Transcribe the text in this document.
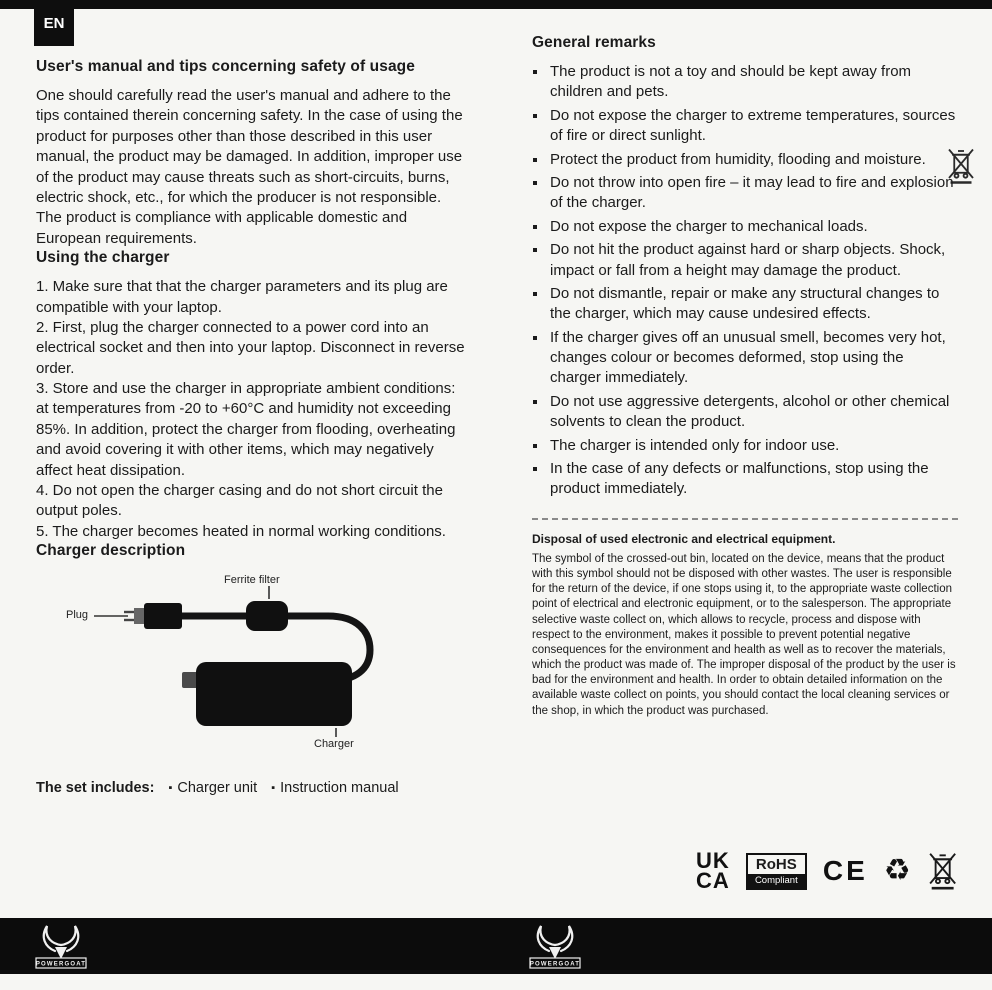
EN
User's manual and tips concerning safety of usage

One should carefully read the user's manual and adhere to the tips contained therein concerning safety. In the case of using the product for purposes other than those described in this user manual, the product may be damaged. In addition, improper use of the product may cause threats such as short-circuits, burns, electric shock, etc., for which the producer is not responsible. The product is compliance with applicable domestic and European requirements.

Using the charger
1. Make sure that that the charger parameters and its plug are compatible with your laptop.
2. First, plug the charger connected to a power cord into an electrical socket and then into your laptop. Disconnect in reverse order.
3. Store and use the charger in appropriate ambient conditions: at temperatures from -20 to +60°C and humidity not exceeding 85%. In addition, protect the charger from flooding, overheating and avoid covering it with other items, which may negatively affect heat dissipation.
4. Do not open the charger casing and do not short circuit the output poles.
5. The charger becomes heated in normal working conditions.
Charger description
Ferrite filter
Plug
Charger
The set includes: ▪ Charger unit ▪ Instruction manual
General remarks
▪ The product is not a toy and should be kept away from children and pets.
▪ Do not expose the charger to extreme temperatures, sources of fire or direct sunlight.
▪ Protect the product from humidity, flooding and moisture.
▪ Do not throw into open fire – it may lead to fire and explosion of the charger.
▪ Do not expose the charger to mechanical loads.
▪ Do not hit the product against hard or sharp objects. Shock, impact or fall from a height may damage the product.
▪ Do not dismantle, repair or make any structural changes to the charger, which may cause undesired effects.
▪ If the charger gives off an unusual smell, becomes very hot, changes colour or becomes deformed, stop using the charger immediately.
▪ Do not use aggressive detergents, alcohol or other chemical solvents to clean the product.
▪ The charger is intended only for indoor use.
▪ In the case of any defects or malfunctions, stop using the product immediately.
Disposal of used electronic and electrical equipment.

The symbol of the crossed-out bin, located on the device, means that the product with this symbol should not be disposed with other wastes. The user is responsible for the return of the device, if one stops using it, to the appropriate waste collection point of electrical and electronic equipment, or to the salesperson. The appropriate selective waste collect on, which allows to recycle, process and dispose with respect to the environment, makes it possible to prevent potential negative consequences for the environment and health as well as to recover the materials, which the product was made of. The improper disposal of the product by the user is bad for the environment and health. In order to obtain detailed information on the available waste collect on points, you should contact the local cleaning services or the shop, in which the product was purchased.

UK
CA
RoHS
Compliant CE ♻
POWERGOAT	POWERGOAT
